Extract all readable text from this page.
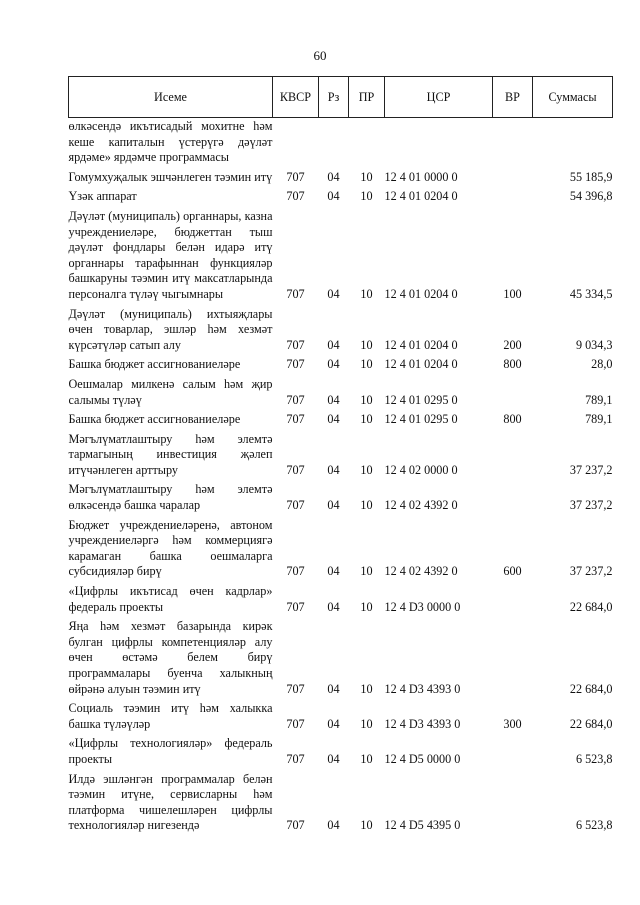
60
Исеме	КВСР	Рз	ПР	ЦСР	ВР	Суммасы
өлкәсендә икътисадый мохитне һәм кеше капиталын үстерүгә дәүләт ярдәме» ярдәмче программасы						
Гомумхуҗалык эшчәнлеген тәэмин итү	707	04	10	12 4 01 0000 0		55 185,9
Үзәк аппарат	707	04	10	12 4 01 0204 0		54 396,8
Дәүләт (муниципаль) органнары, казна учреждениеләре, бюджеттан тыш дәүләт фондлары белән идарә итү органнары тарафыннан функцияләр башкаруны тәэмин итү максатларында персоналга түләү чыгымнары	707	04	10	12 4 01 0204 0	100	45 334,5
Дәүләт (муниципаль) ихтыяҗлары өчен товарлар, эшләр һәм хезмәт күрсәтүләр сатып алу	707	04	10	12 4 01 0204 0	200	9 034,3
Башка бюджет ассигнованиеләре	707	04	10	12 4 01 0204 0	800	28,0
Оешмалар милкенә салым һәм җир салымы түләү	707	04	10	12 4 01 0295 0		789,1
Башка бюджет ассигнованиеләре	707	04	10	12 4 01 0295 0	800	789,1
Мәгълүматлаштыру һәм элемтә тармагының инвестиция җәлеп итүчәнлеген арттыру	707	04	10	12 4 02 0000 0		37 237,2
Мәгълүматлаштыру һәм элемтә өлкәсендә башка чаралар	707	04	10	12 4 02 4392 0		37 237,2
Бюджет учреждениеләренә, автоном учреждениеләргә һәм коммерциягә карамаган башка оешмаларга субсидияләр бирү	707	04	10	12 4 02 4392 0	600	37 237,2
«Цифрлы икътисад өчен кадрлар» федераль проекты	707	04	10	12 4 D3 0000 0		22 684,0
Яңа һәм хезмәт базарында кирәк булган цифрлы компетенцияләр алу өчен өстәмә белем бирү программалары буенча халыкның өйрәнә алуын тәэмин итү	707	04	10	12 4 D3 4393 0		22 684,0
Социаль тәэмин итү һәм халыкка башка түләүләр	707	04	10	12 4 D3 4393 0	300	22 684,0
«Цифрлы технологияләр» федераль проекты	707	04	10	12 4 D5 0000 0		6 523,8
Илдә эшләнгән программалар белән тәэмин итүне, сервисларны һәм платформа чишелешләрен цифрлы технологияләр нигезендә	707	04	10	12 4 D5 4395 0		6 523,8
